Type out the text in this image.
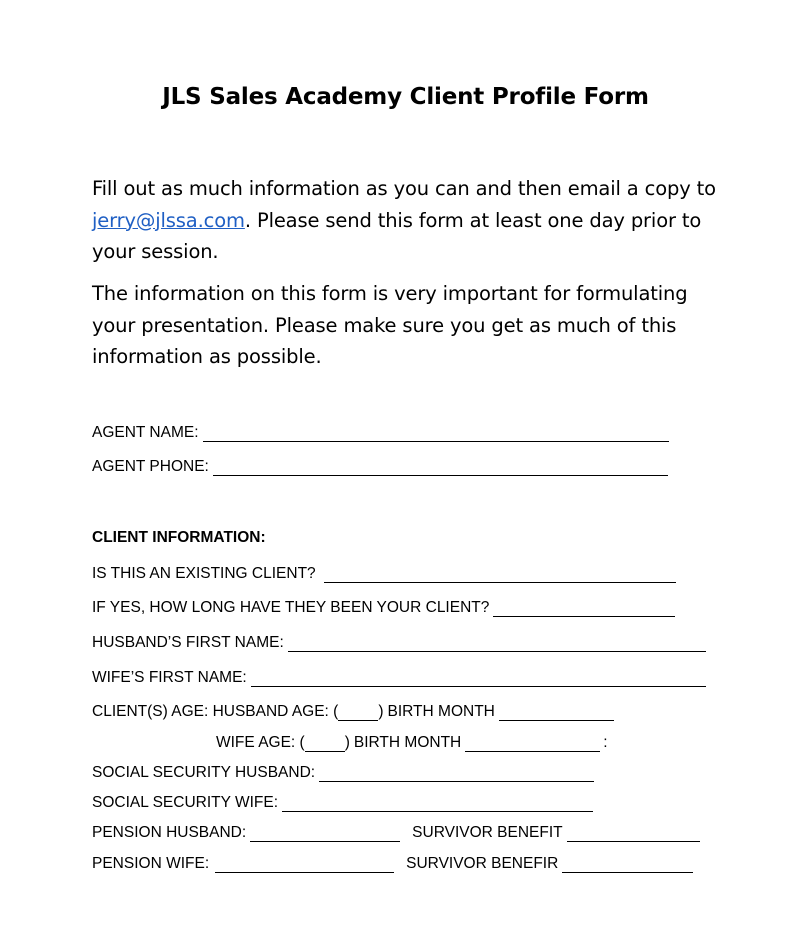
JLS Sales Academy Client Profile Form
Fill out as much information as you can and then email a copy to jerry@jlssa.com. Please send this form at least one day prior to your session.
The information on this form is very important for formulating your presentation. Please make sure you get as much of this information as possible.
AGENT NAME:
AGENT PHONE:
CLIENT INFORMATION:
IS THIS AN EXISTING CLIENT?
IF YES, HOW LONG HAVE THEY BEEN YOUR CLIENT?
HUSBAND’S FIRST NAME:
WIFE’S FIRST NAME:
CLIENT(S) AGE: HUSBAND AGE: (	) BIRTH MONTH
WIFE AGE: (	) BIRTH MONTH	:
SOCIAL SECURITY HUSBAND:
SOCIAL SECURITY WIFE:
PENSION HUSBAND:	SURVIVOR BENEFIT
PENSION WIFE:	SURVIVOR BENEFIR
